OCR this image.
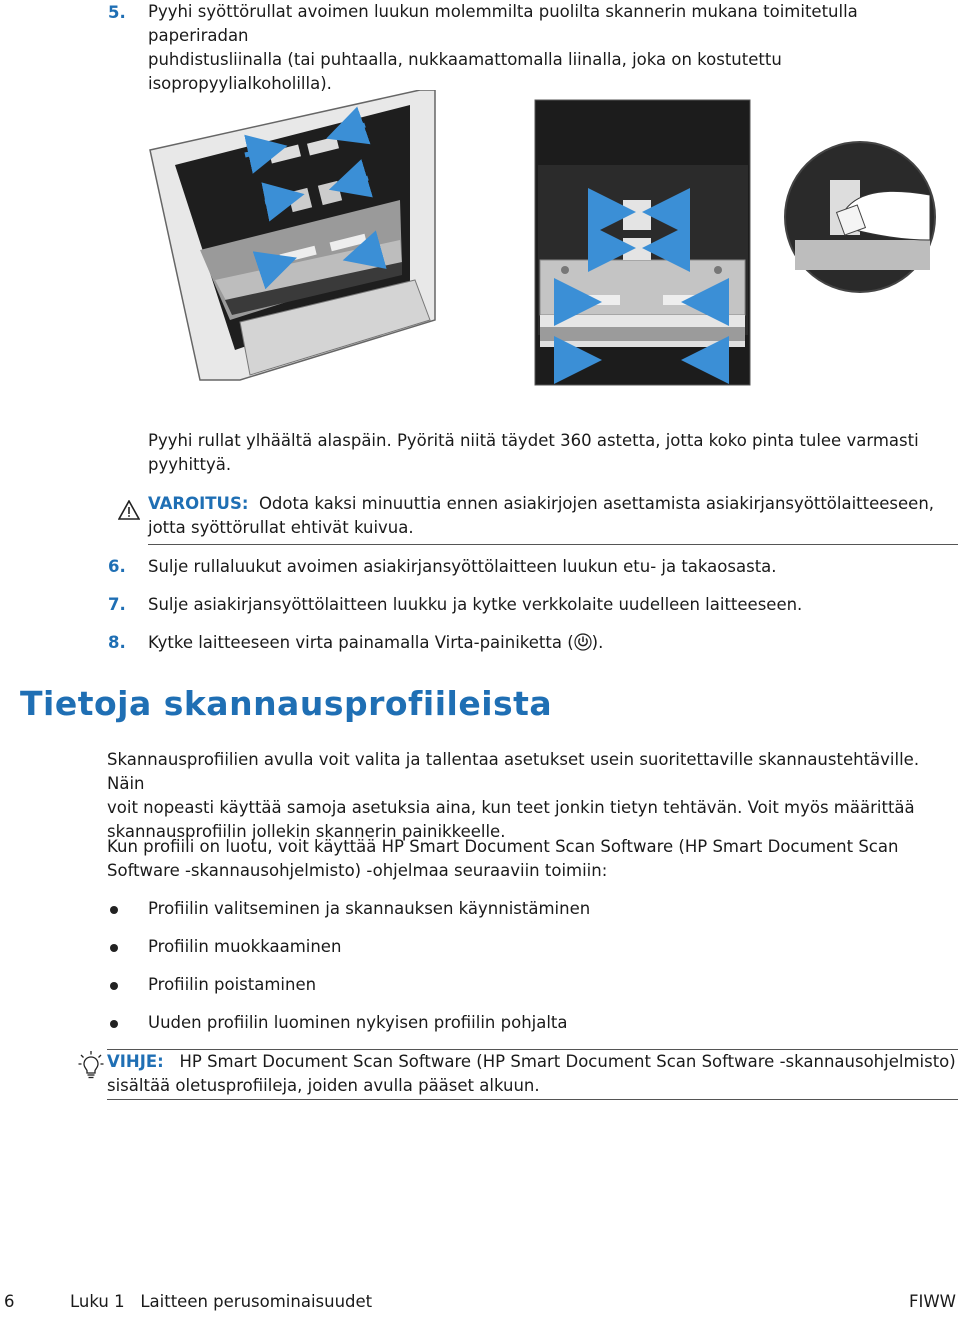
5. Pyyhi syöttörullat avoimen luukun molemmilta puolilta skannerin mukana toimitetulla paperiradan
puhdistusliinalla (tai puhtaalla, nukkaamattomalla liinalla, joka on kostutettu
isopropyylialkoholilla).
Pyyhi rullat ylhäältä alaspäin. Pyöritä niitä täydet 360 astetta, jotta koko pinta tulee varmasti
pyyhittyä.
VAROITUS: Odota kaksi minuuttia ennen asiakirjojen asettamista asiakirjansyöttölaitteeseen,
jotta syöttörullat ehtivät kuivua.
6. Sulje rullaluukut avoimen asiakirjansyöttölaitteen luukun etu- ja takaosasta.
7. Sulje asiakirjansyöttölaitteen luukku ja kytke verkkolaite uudelleen laitteeseen.
8. Kytke laitteeseen virta painamalla Virta-painiketta ( ).
Tietoja skannausprofiileista
Skannausprofiilien avulla voit valita ja tallentaa asetukset usein suoritettaville skannaustehtäville. Näin
voit nopeasti käyttää samoja asetuksia aina, kun teet jonkin tietyn tehtävän. Voit myös määrittää
skannausprofiilin jollekin skannerin painikkeelle.
Kun profiili on luotu, voit käyttää HP Smart Document Scan Software (HP Smart Document Scan
Software -skannausohjelmisto) -ohjelmaa seuraaviin toimiin:
Profiilin valitseminen ja skannauksen käynnistäminen
Profiilin muokkaaminen
Profiilin poistaminen
Uuden profiilin luominen nykyisen profiilin pohjalta
VIHJE: HP Smart Document Scan Software (HP Smart Document Scan Software -skannausohjelmisto)
sisältää oletusprofiileja, joiden avulla pääset alkuun.
6	Luku 1   Laitteen perusominaisuudet	FIWW
